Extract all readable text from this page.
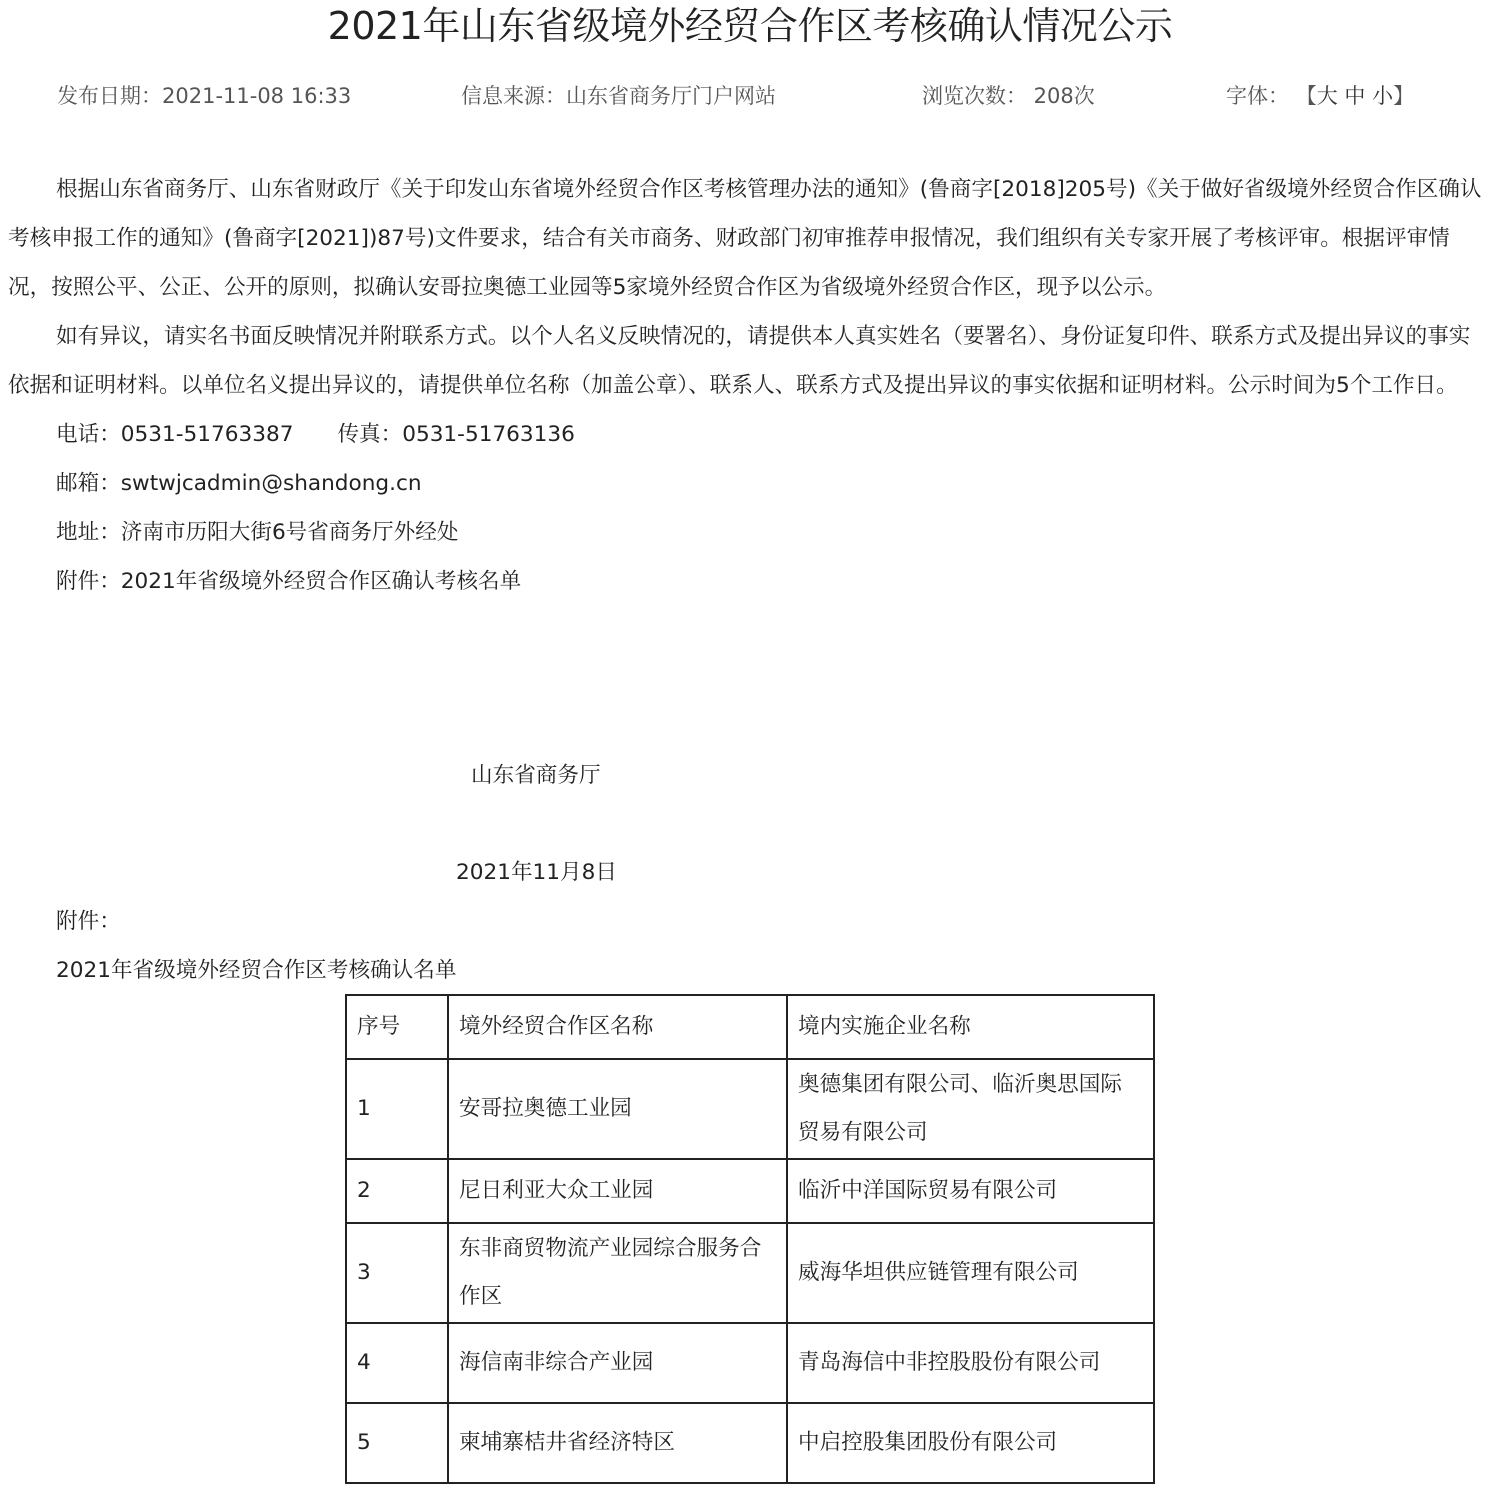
2021年山东省级境外经贸合作区考核确认情况公示
发布日期：2021-11-08 16:33	信息来源：山东省商务厅门户网站	浏览次数： 208次	字体： 【大 中 小】

根据山东省商务厅、山东省财政厅《关于印发山东省境外经贸合作区考核管理办法的通知》(鲁商字[2018]205号)《关于做好省级境外经贸合作区确认考核申报工作的通知》(鲁商字[2021])87号)文件要求，结合有关市商务、财政部门初审推荐申报情况，我们组织有关专家开展了考核评审。根据评审情况，按照公平、公正、公开的原则，拟确认安哥拉奥德工业园等5家境外经贸合作区为省级境外经贸合作区，现予以公示。

如有异议，请实名书面反映情况并附联系方式。以个人名义反映情况的，请提供本人真实姓名（要署名）、身份证复印件、联系方式及提出异议的事实依据和证明材料。以单位名义提出异议的，请提供单位名称（加盖公章）、联系人、联系方式及提出异议的事实依据和证明材料。公示时间为5个工作日。

电话：0531-51763387 传真：0531-51763136

邮箱：swtwjcadmin@shandong.cn

地址：济南市历阳大街6号省商务厅外经处

附件：2021年省级境外经贸合作区确认考核名单

山东省商务厅
2021年11月8日
附件：
2021年省级境外经贸合作区考核确认名单
序号	境外经贸合作区名称	境内实施企业名称
1	安哥拉奥德工业园	奥德集团有限公司、临沂奥思国际贸易有限公司
2	尼日利亚大众工业园	临沂中洋国际贸易有限公司
3	东非商贸物流产业园综合服务合作区	威海华坦供应链管理有限公司
4	海信南非综合产业园	青岛海信中非控股股份有限公司
5	柬埔寨桔井省经济特区	中启控股集团股份有限公司
